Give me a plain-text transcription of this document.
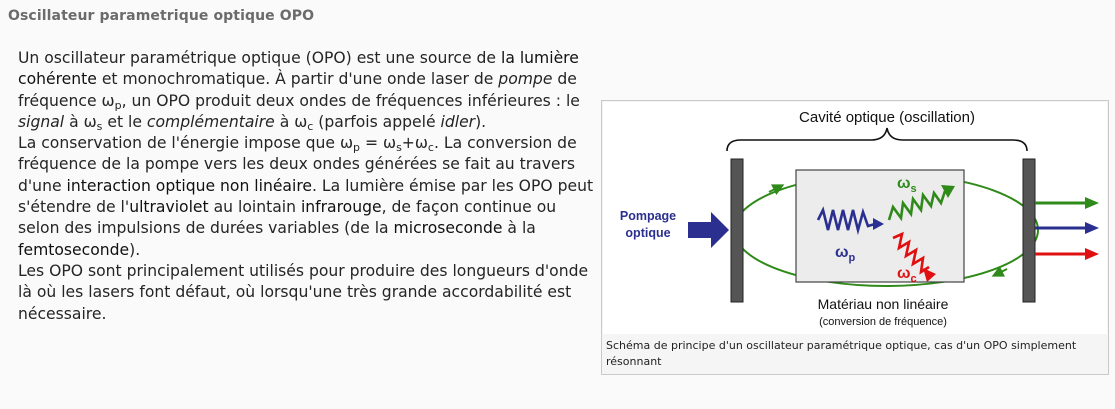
Oscillateur parametrique optique OPO

Un oscillateur paramétrique optique (OPO) est une source de la lumière cohérente et monochromatique. À partir d'une onde laser de pompe de fréquence $\omega_p$, un OPO produit deux ondes de fréquences inférieures : le signal à $\omega_s$ et le complémentaire à $\omega_c$ (parfois appelé idler).

La conservation de l'énergie impose que $\omega_p = \omega_s+\omega_c$. La conversion de fréquence de la pompe vers les deux ondes générées se fait au travers d'une interaction optique non linéaire. La lumière émise par les OPO peut s'étendre de l'ultraviolet au lointain infrarouge, de façon continue ou selon des impulsions de durées variables (de la microseconde à la femtoseconde).

Les OPO sont principalement utilisés pour produire des longueurs d'onde là où les lasers font défaut, où lorsqu'une très grande accordabilité est nécessaire.

Cavité optique (oscillation)
Pompage
optique
$\omega_p$
$\omega_s$
$\omega_c$
Matériau non linéaire
(conversion de fréquence)
Schéma de principe d'un oscillateur paramétrique optique, cas d'un OPO simplement résonnant
